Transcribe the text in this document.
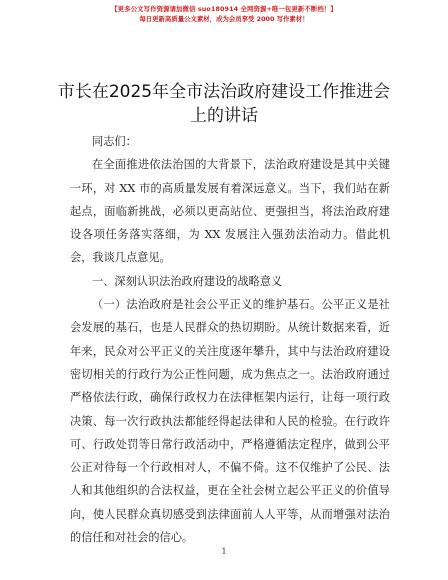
【更多公文写作资源请加微信 suo180914 全网资源+唯一包更新不断档！】
每日更新高质量公文素材，成为会员享受 2000 写作素材！
市长在2025年全市法治政府建设工作推进会上的讲话

同志们：

在全面推进依法治国的大背景下，法治政府建设是其中关键一环，对 XX 市的高质量发展有着深远意义。当下，我们站在新起点，面临新挑战，必须以更高站位、更强担当，将法治政府建设各项任务落实落细，为 XX 发展注入强劲法治动力。借此机会，我谈几点意见。

一、深刻认识法治政府建设的战略意义

（一）法治政府是社会公平正义的维护基石。公平正义是社会发展的基石，也是人民群众的热切期盼。从统计数据来看，近年来，民众对公平正义的关注度逐年攀升，其中与法治政府建设密切相关的行政行为公正性问题，成为焦点之一。法治政府通过严格依法行政，确保行政权力在法律框架内运行，让每一项行政决策、每一次行政执法都能经得起法律和人民的检验。在行政许可、行政处罚等日常行政活动中，严格遵循法定程序，做到公平公正对待每一个行政相对人，不偏不倚。这不仅维护了公民、法人和其他组织的合法权益，更在全社会树立起公平正义的价值导向，使人民群众真切感受到法律面前人人平等，从而增强对法治的信任和对社会的信心。

1
